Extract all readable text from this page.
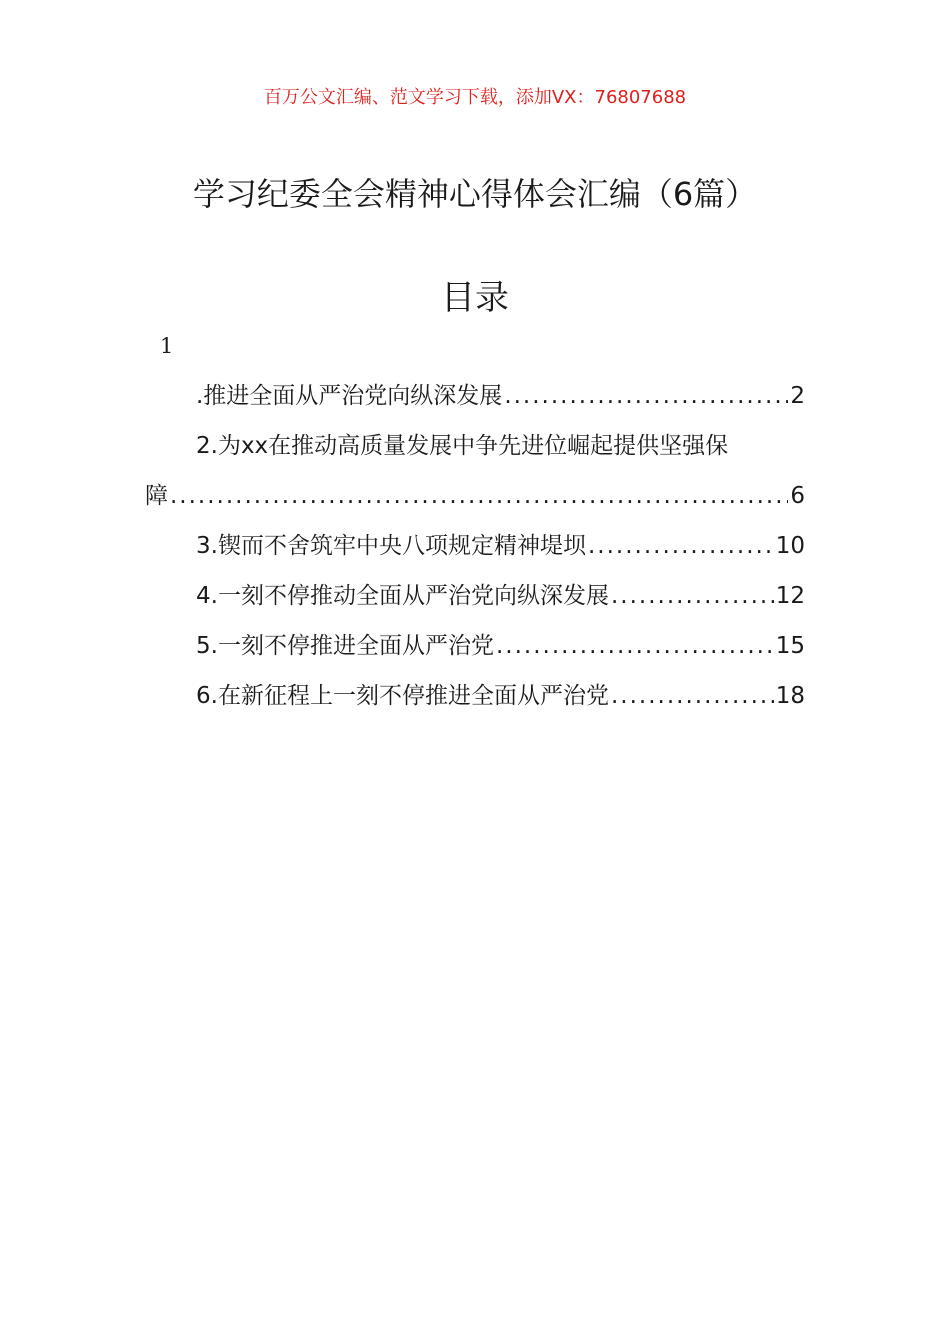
百万公文汇编、范文学习下载，添加VX：76807688
学习纪委全会精神心得体会汇编（6篇）
目录
1
.推进全面从严治党向纵深发展 .....	2
2.为xx在推动高质量发展中争先进位崛起提供坚强保
障 .....	6
3.锲而不舍筑牢中央八项规定精神堤坝 .....	10
4.一刻不停推动全面从严治党向纵深发展 .....	12
5.一刻不停推进全面从严治党 .....	15
6.在新征程上一刻不停推进全面从严治党 .....	18
